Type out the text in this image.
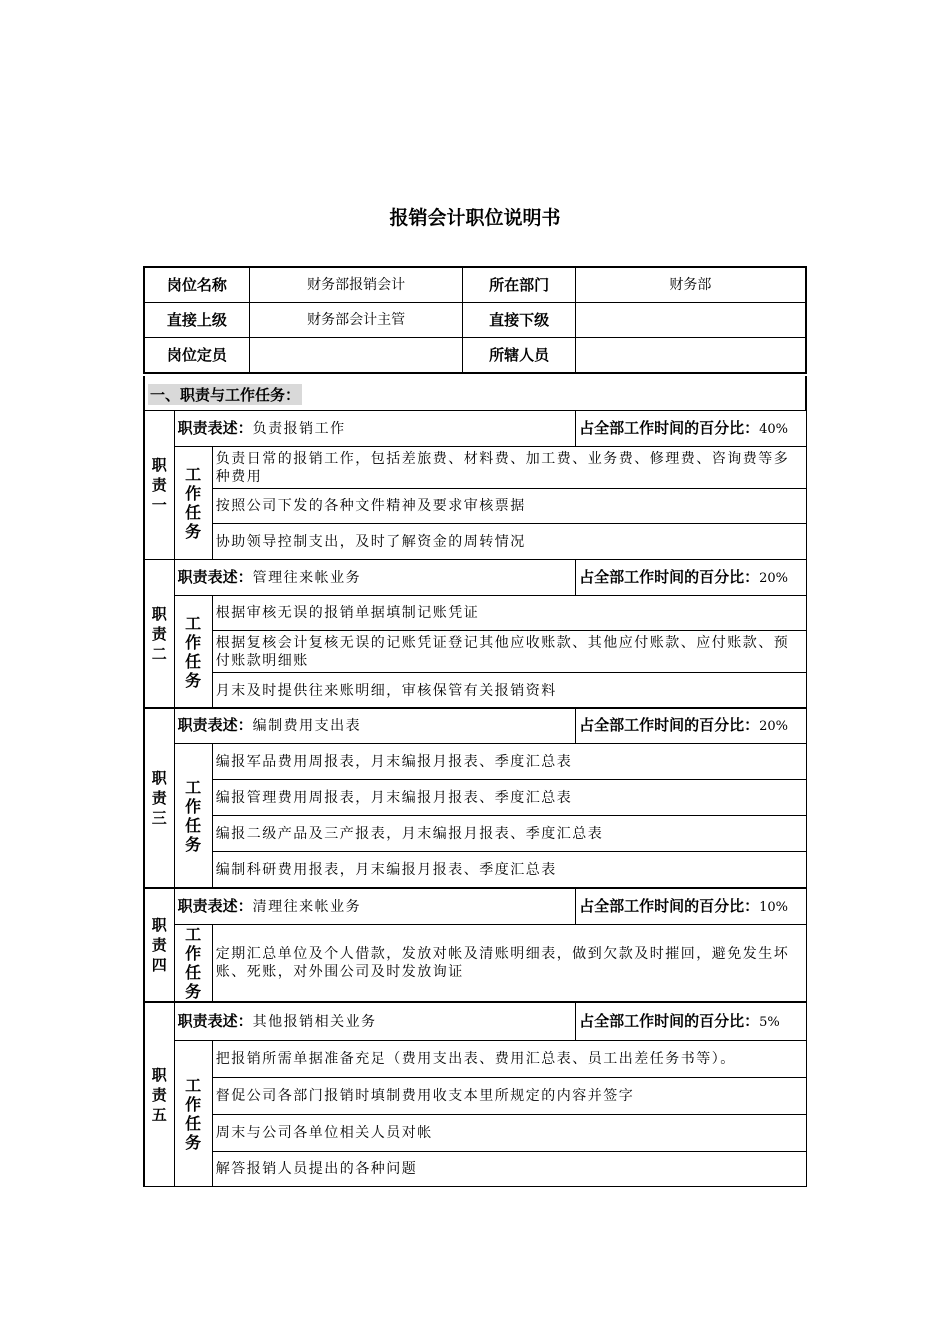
报销会计职位说明书
岗位名称	财务部报销会计	所在部门	财务部
直接上级	财务部会计主管	直接下级	
岗位定员		所辖人员	
一、职责与工作任务：
职
责
一	职责表述：负责报销工作		占全部工作时间的百分比：40%

	工
作
任
务	负责日常的报销工作，包括差旅费、材料费、加工费、业务费、修理费、咨询费等多种费用	
		按照公司下发的各种文件精神及要求审核票据	
		协助领导控制支出，及时了解资金的周转情况	
职
责
二	职责表述：管理往来帐业务		占全部工作时间的百分比：20%

	工
作
任
务	根据审核无误的报销单据填制记账凭证	
		根据复核会计复核无误的记账凭证登记其他应收账款、其他应付账款、应付账款、预付账款明细账	
		月末及时提供往来账明细，审核保管有关报销资料	
职
责
三	职责表述：编制费用支出表		占全部工作时间的百分比：20%

	工
作
任
务	编报军品费用周报表，月末编报月报表、季度汇总表	
		编报管理费用周报表，月末编报月报表、季度汇总表	
		编报二级产品及三产报表，月末编报月报表、季度汇总表	
		编制科研费用报表，月末编报月报表、季度汇总表	
职
责
四	职责表述：清理往来帐业务		占全部工作时间的百分比：10%

	工
作
任
务	定期汇总单位及个人借款，发放对帐及清账明细表，做到欠款及时摧回，避免发生坏账、死账，对外围公司及时发放询证	
职
责
五	职责表述：其他报销相关业务		占全部工作时间的百分比：5%

	工
作
任
务	把报销所需单据准备充足（费用支出表、费用汇总表、员工出差任务书等）。	
		督促公司各部门报销时填制费用收支本里所规定的内容并签字	
		周末与公司各单位相关人员对帐	
		解答报销人员提出的各种问题	
